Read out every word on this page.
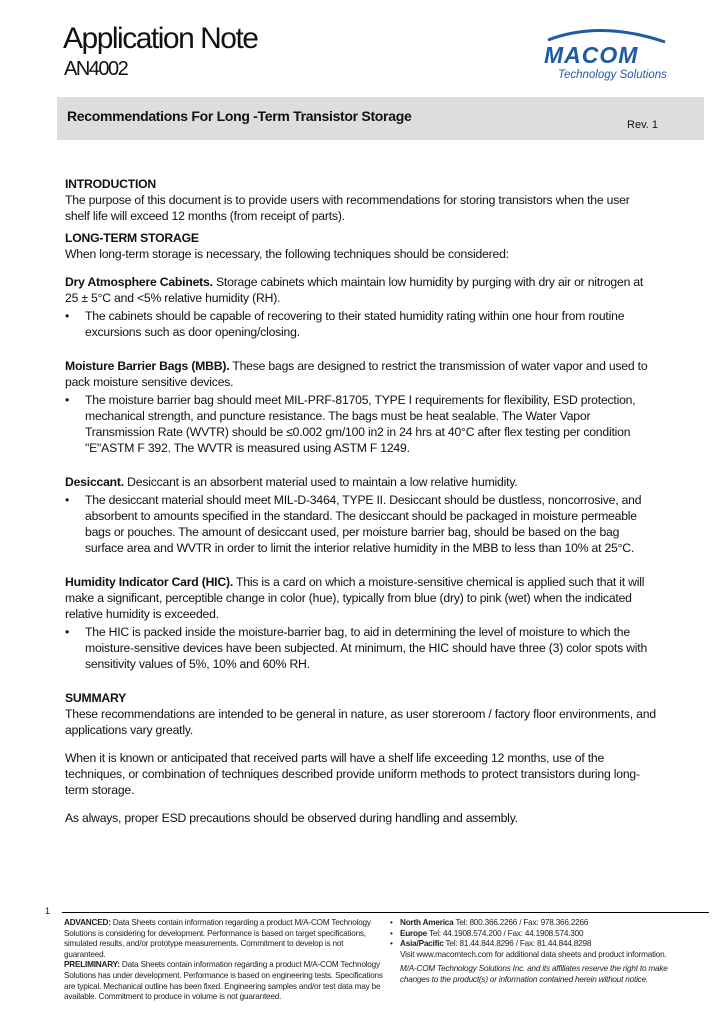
Application Note
AN4002
MACOM
Technology Solutions
Recommendations For Long -Term Transistor Storage
Rev. 1
INTRODUCTION

The purpose of this document is to provide users with recommendations for storing transistors when the user shelf life will exceed 12 months (from receipt of parts).

LONG-TERM STORAGE

When long-term storage is necessary, the following techniques should be considered:

Dry Atmosphere Cabinets. Storage cabinets which maintain low humidity by purging with dry air or nitrogen at 25 ± 5°C and <5% relative humidity (RH).

• The cabinets should be capable of recovering to their stated humidity rating within one hour from routine excursions such as door opening/closing.

Moisture Barrier Bags (MBB). These bags are designed to restrict the transmission of water vapor and used to pack moisture sensitive devices.

• The moisture barrier bag should meet MIL-PRF-81705, TYPE I requirements for flexibility, ESD protection, mechanical strength, and puncture resistance. The bags must be heat sealable. The Water Vapor Transmission Rate (WVTR) should be ≤0.002 gm/100 in2 in 24 hrs at 40°C after flex testing per condition "E"ASTM F 392. The WVTR is measured using ASTM F 1249.

Desiccant. Desiccant is an absorbent material used to maintain a low relative humidity.

• The desiccant material should meet MIL-D-3464, TYPE II. Desiccant should be dustless, noncorrosive, and absorbent to amounts specified in the standard. The desiccant should be packaged in moisture permeable bags or pouches. The amount of desiccant used, per moisture barrier bag, should be based on the bag surface area and WVTR in order to limit the interior relative humidity in the MBB to less than 10% at 25°C.

Humidity Indicator Card (HIC). This is a card on which a moisture-sensitive chemical is applied such that it will make a significant, perceptible change in color (hue), typically from blue (dry) to pink (wet) when the indicated relative humidity is exceeded.

• The HIC is packed inside the moisture-barrier bag, to aid in determining the level of moisture to which the moisture-sensitive devices have been subjected. At minimum, the HIC should have three (3) color spots with sensitivity values of 5%, 10% and 60% RH.

SUMMARY

These recommendations are intended to be general in nature, as user storeroom / factory floor environments, and applications vary greatly.

When it is known or anticipated that received parts will have a shelf life exceeding 12 months, use of the techniques, or combination of techniques described provide uniform methods to protect transistors during long-term storage.

As always, proper ESD precautions should be observed during handling and assembly.

1
ADVANCED: Data Sheets contain information regarding a product M/A-COM Technology Solutions is considering for development. Performance is based on target specifications, simulated results, and/or prototype measurements. Commitment to develop is not guaranteed.
PRELIMINARY: Data Sheets contain information regarding a product M/A-COM Technology Solutions has under development. Performance is based on engineering tests. Specifications are typical. Mechanical outline has been fixed. Engineering samples and/or test data may be available. Commitment to produce in volume is not guaranteed.
• North America Tel: 800.366.2266 / Fax: 978.366.2266
• Europe Tel: 44.1908.574.200 / Fax: 44.1908.574.300
• Asia/Pacific Tel: 81.44.844.8296 / Fax: 81.44.844.8298
Visit www.macomtech.com for additional data sheets and product information.
M/A-COM Technology Solutions Inc. and its affiliates reserve the right to make changes to the product(s) or information contained herein without notice.
